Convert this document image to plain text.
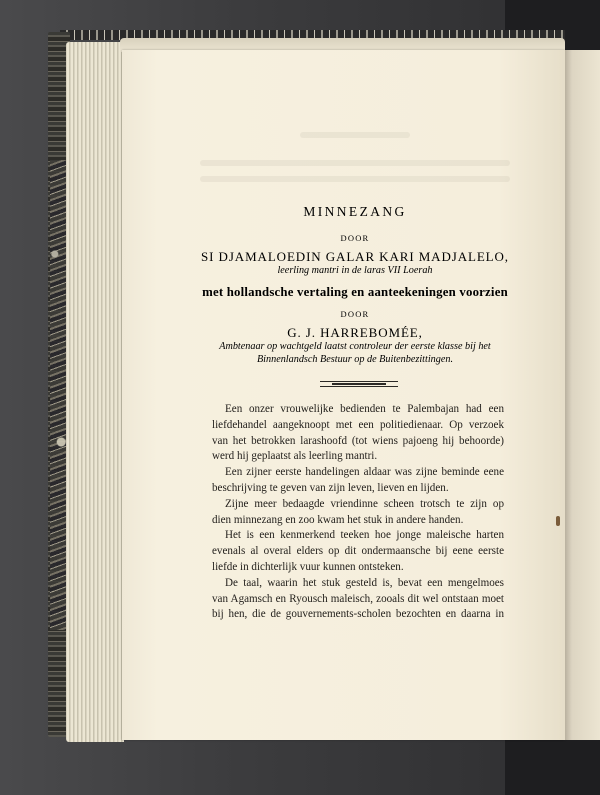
MINNEZANG
DOOR
SI DJAMALOEDIN GALAR KARI MADJALELO,
leerling mantri in de laras VII Loerah
met hollandsche vertaling en aanteekeningen voorzien
DOOR
G. J. HARREBOMÉE,
Ambtenaar op wachtgeld laatst controleur der eerste klasse bij het
Binnenlandsch Bestuur op de Buitenbezittingen.
Een onzer vrouwelijke bedienden te Palembajan had een
liefdehandel aangeknoopt met een politiedienaar. Op verzoek
van het betrokken larashoofd (tot wiens pajoeng hij behoorde)
werd hij geplaatst als leerling mantri.
Een zijner eerste handelingen aldaar was zijne beminde eene
beschrijving te geven van zijn leven, lieven en lijden.
Zijne meer bedaagde vriendinne scheen trotsch te zijn op
dien minnezang en zoo kwam het stuk in andere handen.
Het is een kenmerkend teeken hoe jonge maleische harten
evenals al overal elders op dit ondermaansche bij eene eerste
liefde in dichterlijk vuur kunnen ontsteken.
De taal, waarin het stuk gesteld is, bevat een mengelmoes
van Agamsch en Ryousch maleisch, zooals dit wel ontstaan moet
bij hen, die de gouvernements-scholen bezochten en daarna in
